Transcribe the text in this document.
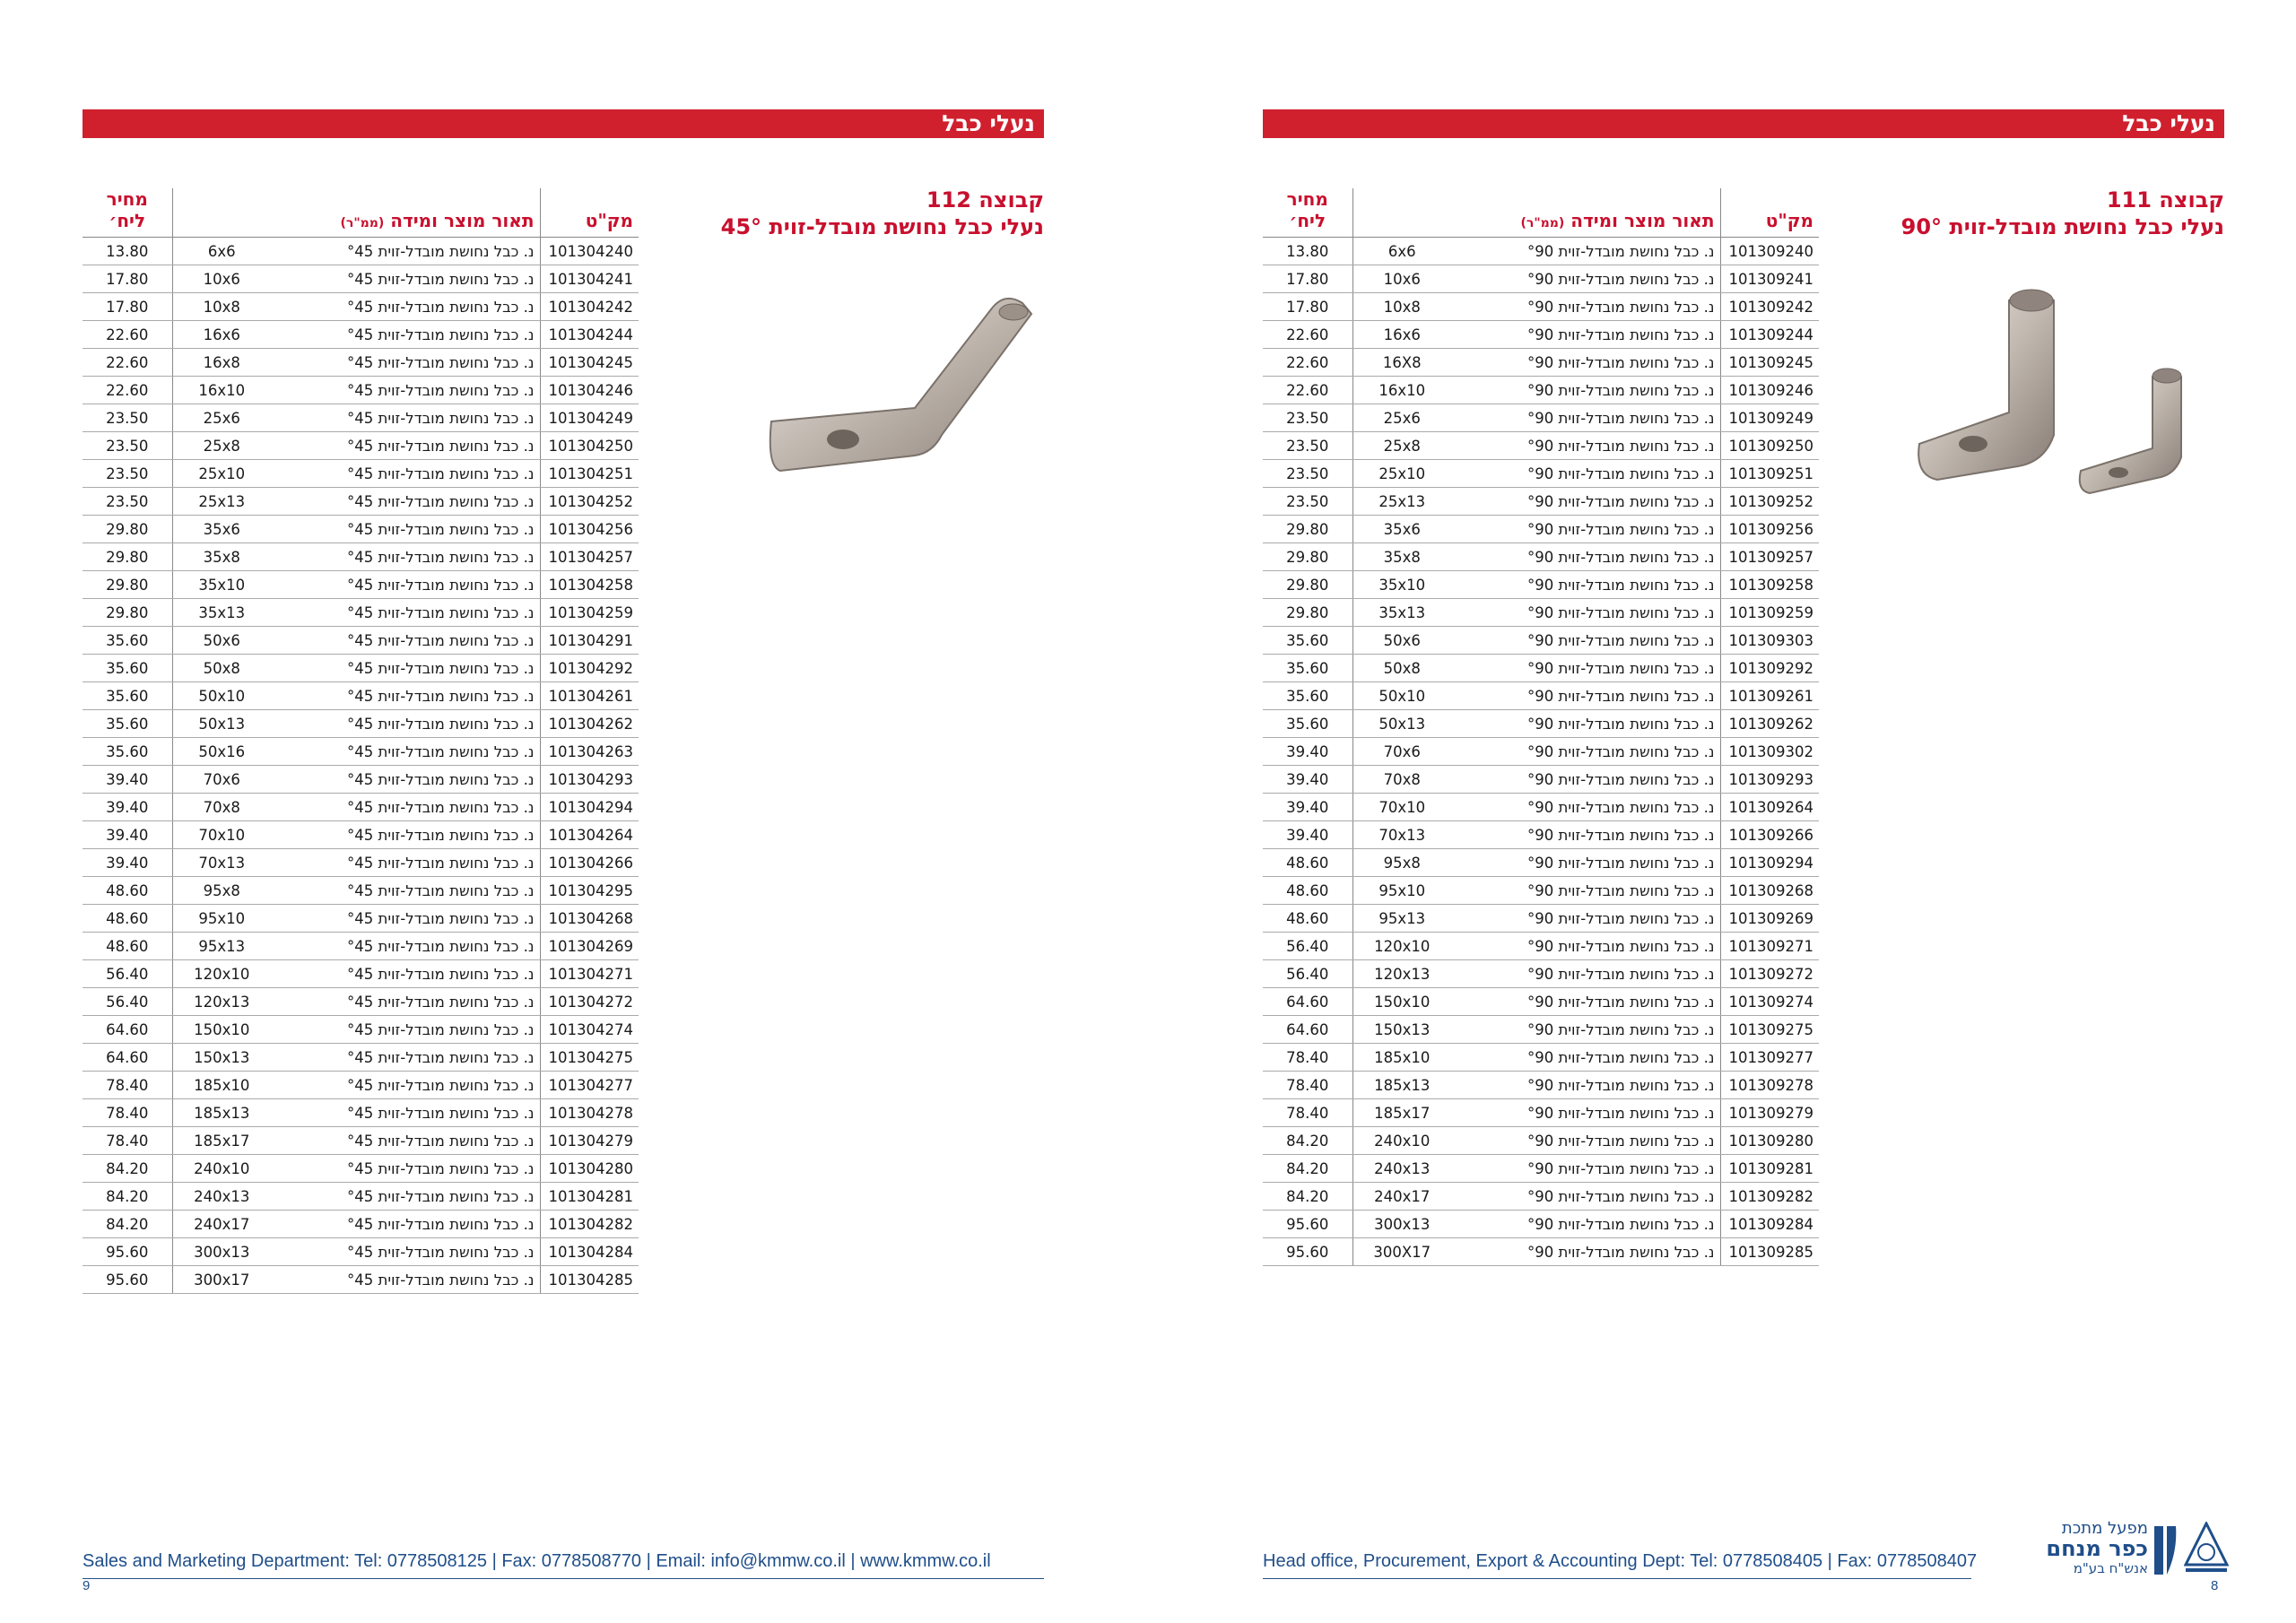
נעלי כבל
קבוצה 112
נעלי כבל נחושת מובדל-זוית 45°
מק"ט	תאור מוצר ומידה (ממ"ר)		מחיר ליח׳
101304240	נ. כבל נחושת מובדל-זוית °45	6x6	13.80
101304241	נ. כבל נחושת מובדל-זוית °45	10x6	17.80
101304242	נ. כבל נחושת מובדל-זוית °45	10x8	17.80
101304244	נ. כבל נחושת מובדל-זוית °45	16x6	22.60
101304245	נ. כבל נחושת מובדל-זוית °45	16x8	22.60
101304246	נ. כבל נחושת מובדל-זוית °45	16x10	22.60
101304249	נ. כבל נחושת מובדל-זוית °45	25x6	23.50
101304250	נ. כבל נחושת מובדל-זוית °45	25x8	23.50
101304251	נ. כבל נחושת מובדל-זוית °45	25x10	23.50
101304252	נ. כבל נחושת מובדל-זוית °45	25x13	23.50
101304256	נ. כבל נחושת מובדל-זוית °45	35x6	29.80
101304257	נ. כבל נחושת מובדל-זוית °45	35x8	29.80
101304258	נ. כבל נחושת מובדל-זוית °45	35x10	29.80
101304259	נ. כבל נחושת מובדל-זוית °45	35x13	29.80
101304291	נ. כבל נחושת מובדל-זוית °45	50x6	35.60
101304292	נ. כבל נחושת מובדל-זוית °45	50x8	35.60
101304261	נ. כבל נחושת מובדל-זוית °45	50x10	35.60
101304262	נ. כבל נחושת מובדל-זוית °45	50x13	35.60
101304263	נ. כבל נחושת מובדל-זוית °45	50x16	35.60
101304293	נ. כבל נחושת מובדל-זוית °45	70x6	39.40
101304294	נ. כבל נחושת מובדל-זוית °45	70x8	39.40
101304264	נ. כבל נחושת מובדל-זוית °45	70x10	39.40
101304266	נ. כבל נחושת מובדל-זוית °45	70x13	39.40
101304295	נ. כבל נחושת מובדל-זוית °45	95x8	48.60
101304268	נ. כבל נחושת מובדל-זוית °45	95x10	48.60
101304269	נ. כבל נחושת מובדל-זוית °45	95x13	48.60
101304271	נ. כבל נחושת מובדל-זוית °45	120x10	56.40
101304272	נ. כבל נחושת מובדל-זוית °45	120x13	56.40
101304274	נ. כבל נחושת מובדל-זוית °45	150x10	64.60
101304275	נ. כבל נחושת מובדל-זוית °45	150x13	64.60
101304277	נ. כבל נחושת מובדל-זוית °45	185x10	78.40
101304278	נ. כבל נחושת מובדל-זוית °45	185x13	78.40
101304279	נ. כבל נחושת מובדל-זוית °45	185x17	78.40
101304280	נ. כבל נחושת מובדל-זוית °45	240x10	84.20
101304281	נ. כבל נחושת מובדל-זוית °45	240x13	84.20
101304282	נ. כבל נחושת מובדל-זוית °45	240x17	84.20
101304284	נ. כבל נחושת מובדל-זוית °45	300x13	95.60
101304285	נ. כבל נחושת מובדל-זוית °45	300x17	95.60
Sales and Marketing Department: Tel: 0778508125 | Fax: 0778508770 | Email: info@kmmw.co.il | www.kmmw.co.il
9
נעלי כבל
קבוצה 111
נעלי כבל נחושת מובדל-זוית 90°
מק"ט	תאור מוצר ומידה (ממ"ר)		מחיר ליח׳
101309240	נ. כבל נחושת מובדל-זוית °90	6x6	13.80
101309241	נ. כבל נחושת מובדל-זוית °90	10x6	17.80
101309242	נ. כבל נחושת מובדל-זוית °90	10x8	17.80
101309244	נ. כבל נחושת מובדל-זוית °90	16x6	22.60
101309245	נ. כבל נחושת מובדל-זוית °90	16X8	22.60
101309246	נ. כבל נחושת מובדל-זוית °90	16x10	22.60
101309249	נ. כבל נחושת מובדל-זוית °90	25x6	23.50
101309250	נ. כבל נחושת מובדל-זוית °90	25x8	23.50
101309251	נ. כבל נחושת מובדל-זוית °90	25x10	23.50
101309252	נ. כבל נחושת מובדל-זוית °90	25x13	23.50
101309256	נ. כבל נחושת מובדל-זוית °90	35x6	29.80
101309257	נ. כבל נחושת מובדל-זוית °90	35x8	29.80
101309258	נ. כבל נחושת מובדל-זוית °90	35x10	29.80
101309259	נ. כבל נחושת מובדל-זוית °90	35x13	29.80
101309303	נ. כבל נחושת מובדל-זוית °90	50x6	35.60
101309292	נ. כבל נחושת מובדל-זוית °90	50x8	35.60
101309261	נ. כבל נחושת מובדל-זוית °90	50x10	35.60
101309262	נ. כבל נחושת מובדל-זוית °90	50x13	35.60
101309302	נ. כבל נחושת מובדל-זוית °90	70x6	39.40
101309293	נ. כבל נחושת מובדל-זוית °90	70x8	39.40
101309264	נ. כבל נחושת מובדל-זוית °90	70x10	39.40
101309266	נ. כבל נחושת מובדל-זוית °90	70x13	39.40
101309294	נ. כבל נחושת מובדל-זוית °90	95x8	48.60
101309268	נ. כבל נחושת מובדל-זוית °90	95x10	48.60
101309269	נ. כבל נחושת מובדל-זוית °90	95x13	48.60
101309271	נ. כבל נחושת מובדל-זוית °90	120x10	56.40
101309272	נ. כבל נחושת מובדל-זוית °90	120x13	56.40
101309274	נ. כבל נחושת מובדל-זוית °90	150x10	64.60
101309275	נ. כבל נחושת מובדל-זוית °90	150x13	64.60
101309277	נ. כבל נחושת מובדל-זוית °90	185x10	78.40
101309278	נ. כבל נחושת מובדל-זוית °90	185x13	78.40
101309279	נ. כבל נחושת מובדל-זוית °90	185x17	78.40
101309280	נ. כבל נחושת מובדל-זוית °90	240x10	84.20
101309281	נ. כבל נחושת מובדל-זוית °90	240x13	84.20
101309282	נ. כבל נחושת מובדל-זוית °90	240x17	84.20
101309284	נ. כבל נחושת מובדל-זוית °90	300x13	95.60
101309285	נ. כבל נחושת מובדל-זוית °90	300X17	95.60
Head office, Procurement, Export & Accounting Dept: Tel: 0778508405 | Fax: 0778508407
8
מפעל מתכת
כפר מנחם
אנש"ח בע"מ
